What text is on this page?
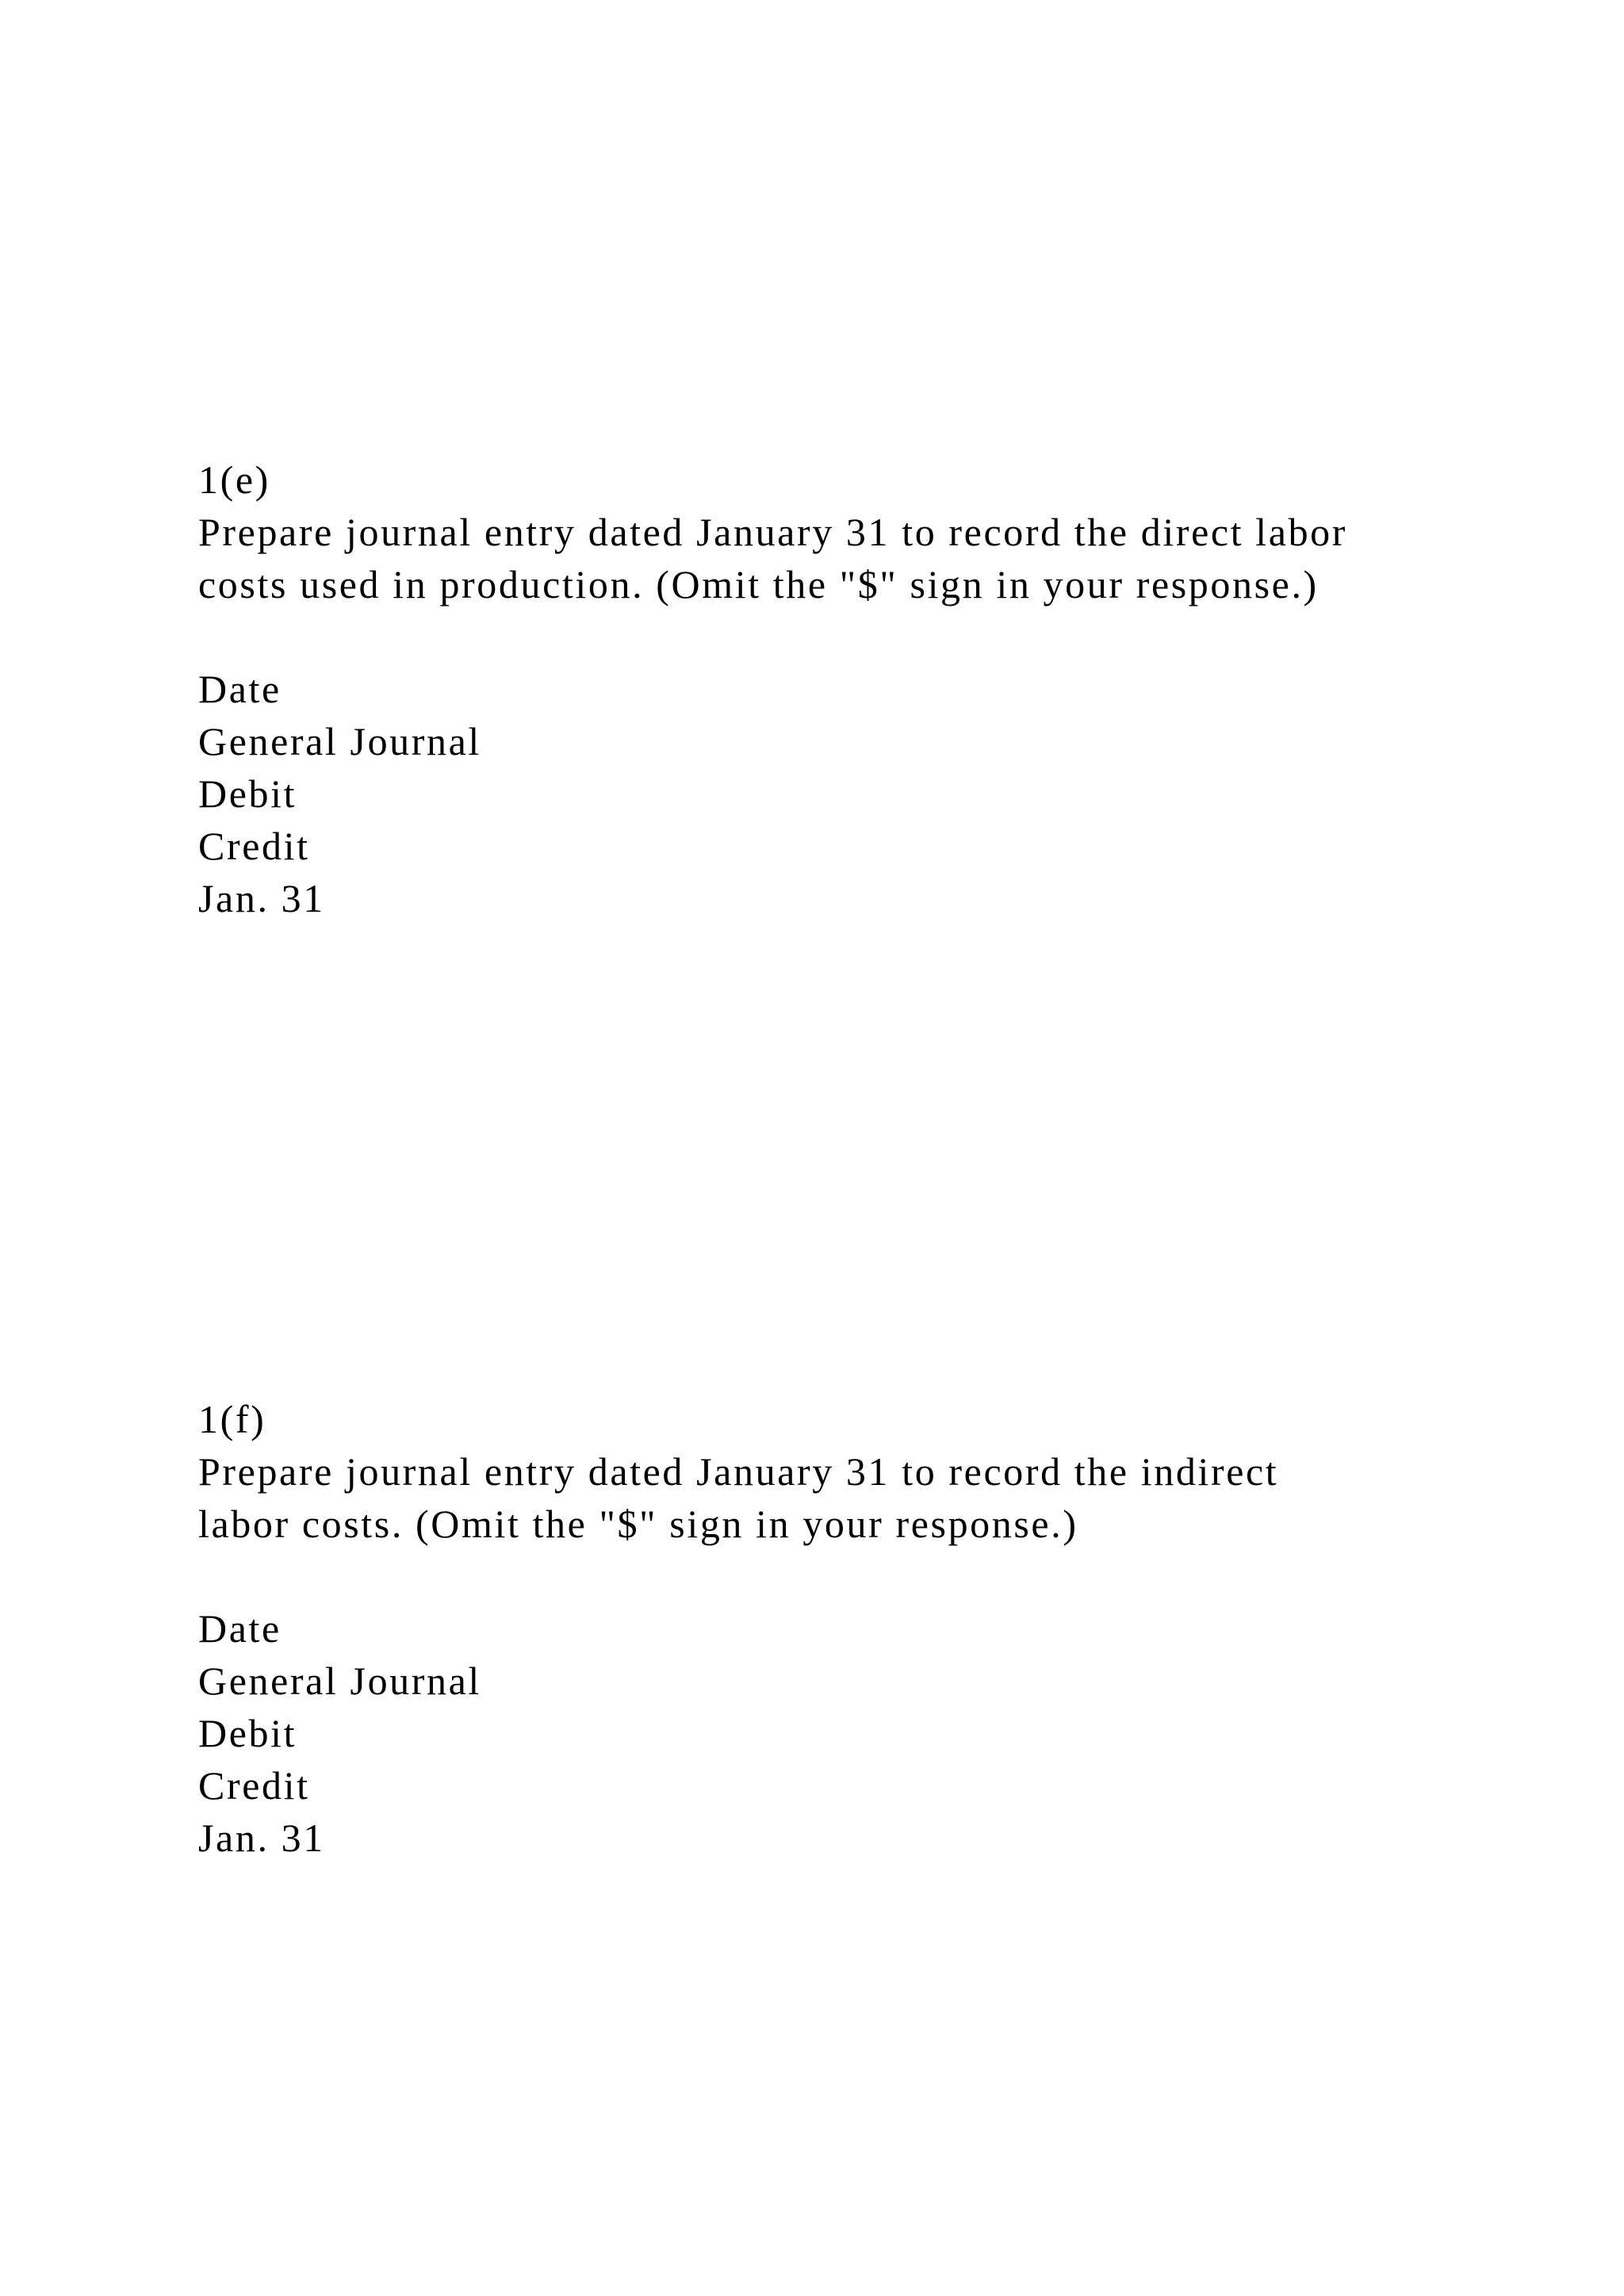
1(e)

Prepare journal entry dated January 31 to record the direct labor

costs used in production. (Omit the "$" sign in your response.)

Date

General Journal

Debit

Credit

Jan. 31

1(f)

Prepare journal entry dated January 31 to record the indirect

labor costs. (Omit the "$" sign in your response.)

Date

General Journal

Debit

Credit

Jan. 31
